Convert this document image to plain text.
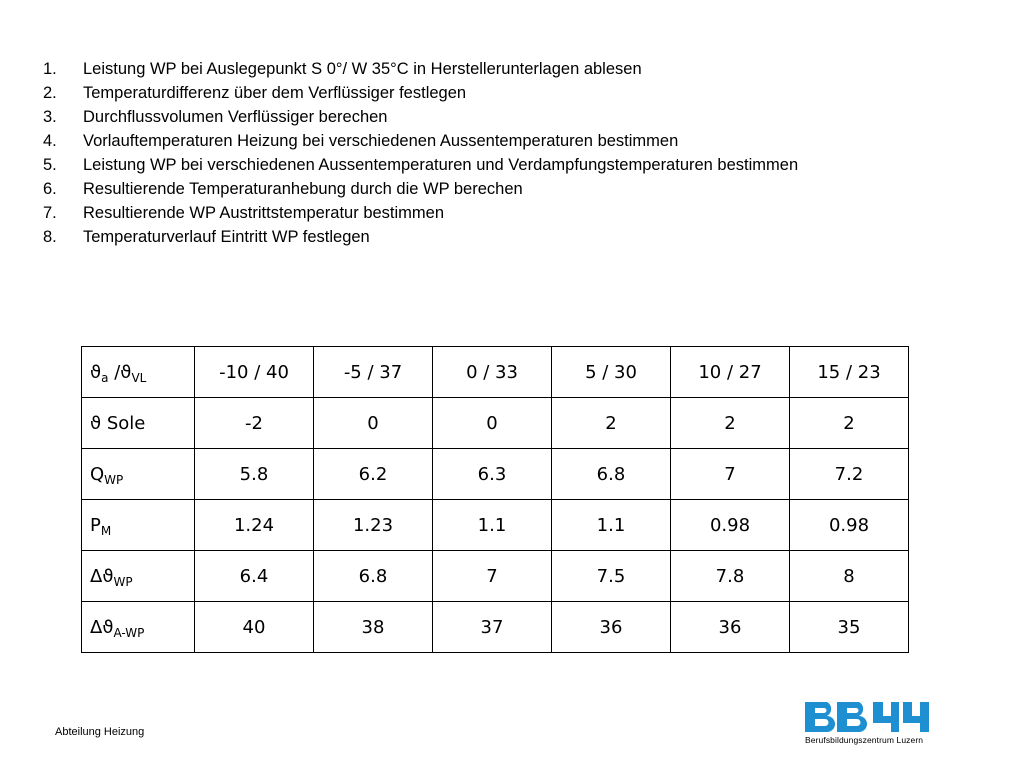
1.	Leistung WP bei Auslegepunkt S 0°/ W 35°C in Herstellerunterlagen ablesen
2.	Temperaturdifferenz über dem Verflüssiger festlegen
3.	Durchflussvolumen Verflüssiger berechen
4.	Vorlauftemperaturen Heizung bei verschiedenen Aussentemperaturen bestimmen
5.	Leistung WP bei verschiedenen Aussentemperaturen und Verdampfungstemperaturen bestimmen
6.	Resultierende Temperaturanhebung durch die WP berechen
7.	Resultierende WP Austrittstemperatur bestimmen
8.	Temperaturverlauf Eintritt WP festlegen
$ϑ_a$ $/ϑ_{VL}$	-10 / 40	-5 / 37	0 / 33	5 / 30	10 / 27	15 / 23
ϑ Sole	-2	0	0	2	2	2
$Q_{WP}$	5.8	6.2	6.3	6.8	7	7.2
$P_M$	1.24	1.23	1.1	1.1	0.98	0.98
$\Delta ϑ_{WP}$	6.4	6.8	7	7.5	7.8	8
$\Delta ϑ_{A-WP}$	40	38	37	36	36	35
Abteilung Heizung
Berufsbildungszentrum Luzern
